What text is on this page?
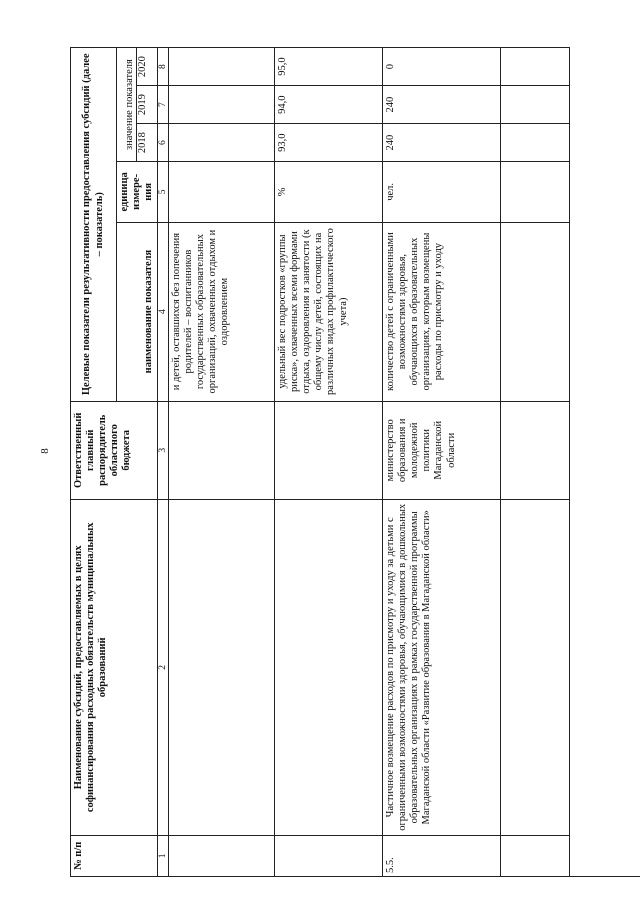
8
№ п/п	Наименование субсидий, предоставляемых в целях софинансирования расходных обязательств муниципальных образований	Ответственный главный распорядитель областного бюджета	Целевые показатели результативности предоставления субсидий (далее – показатель)				
			наименование показателя	единица измере-ния	значение показателя		
					2018	2019	2020
1	2	3	4	5	6	7	8
			и детей, оставшихся без попечения родителей – воспитанников государственных образовательных организаций, охваченных отдыхом и оздоровлением				
			удельный вес подростков «группы риска», охваченных всеми формами отдыха, оздоровления и занятости (к общему числу детей, состоящих на различных видах профилактического учета)	%	93,0	94,0	95,0
5.5.	Частичное возмещение расходов по присмотру и уходу за детьми с ограниченными возможностями здоровья, обучающимися в дошкольных образовательных организациях в рамках государственной программы Магаданской области «Развитие образования в Магаданской области»	министерство образования и молодежной политики Магаданской области	количество детей с ограниченными возможностями здоровья, обучающихся в образовательных организациях, которым возмещены расходы по присмотру и уходу	чел.	240	240	0
